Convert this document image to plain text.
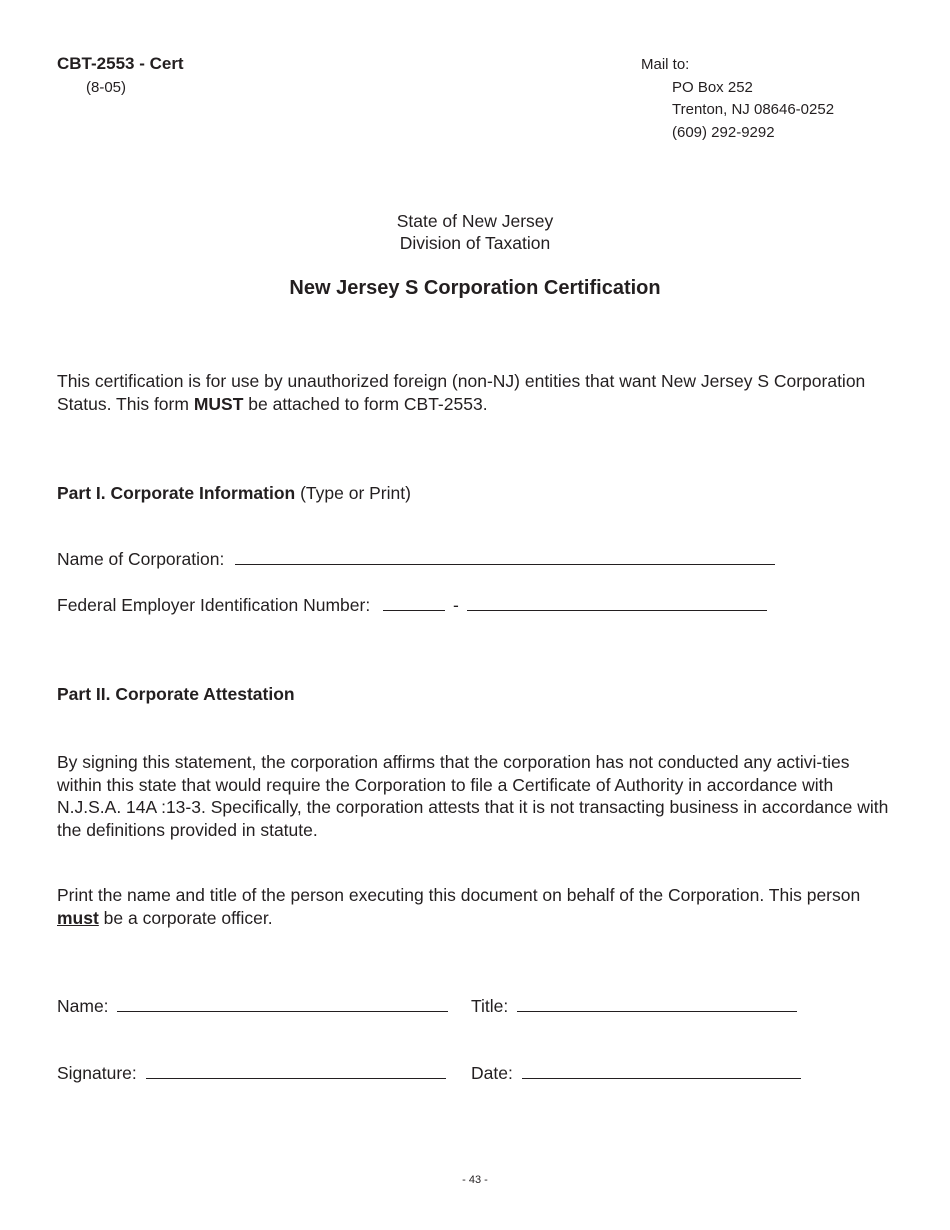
CBT-2553 - Cert
(8-05)
Mail to:
PO Box 252
Trenton, NJ 08646-0252
(609) 292-9292
State of New Jersey
Division of Taxation
New Jersey S Corporation Certification
This certification is for use by unauthorized foreign (non-NJ) entities that want New Jersey S Corporation Status. This form MUST be attached to form CBT-2553.
Part I. Corporate Information (Type or Print)
Name of Corporation:
Federal Employer Identification Number:	-
Part II. Corporate Attestation
By signing this statement, the corporation affirms that the corporation has not conducted any activi-ties within this state that would require the Corporation to file a Certificate of Authority in accordance with N.J.S.A. 14A :13-3. Specifically, the corporation attests that it is not transacting business in accordance with the definitions provided in statute.
Print the name and title of the person executing this document on behalf of the Corporation. This person must be a corporate officer.
Name:	Title:
Signature:	Date:
- 43 -
